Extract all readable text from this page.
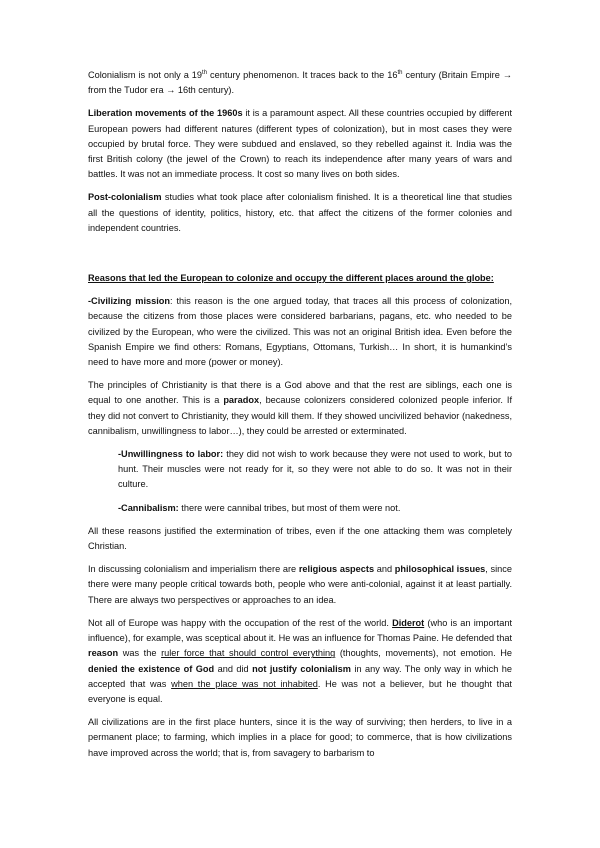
Colonialism is not only a 19th century phenomenon. It traces back to the 16th century (Britain Empire → from the Tudor era → 16th century).

Liberation movements of the 1960s it is a paramount aspect. All these countries occupied by different European powers had different natures (different types of colonization), but in most cases they were occupied by brutal force. They were subdued and enslaved, so they rebelled against it. India was the first British colony (the jewel of the Crown) to reach its independence after many years of wars and battles. It was not an immediate process. It cost so many lives on both sides.

Post-colonialism studies what took place after colonialism finished. It is a theoretical line that studies all the questions of identity, politics, history, etc. that affect the citizens of the former colonies and independent countries.

Reasons that led the European to colonize and occupy the different places around the globe:

-Civilizing mission: this reason is the one argued today, that traces all this process of colonization, because the citizens from those places were considered barbarians, pagans, etc. who needed to be civilized by the European, who were the civilized. This was not an original British idea. Even before the Spanish Empire we find others: Romans, Egyptians, Ottomans, Turkish… In short, it is humankind’s need to have more and more (power or money).

The principles of Christianity is that there is a God above and that the rest are siblings, each one is equal to one another. This is a paradox, because colonizers considered colonized people inferior. If they did not convert to Christianity, they would kill them. If they showed uncivilized behavior (nakedness, cannibalism, unwillingness to labor…), they could be arrested or exterminated.

-Unwillingness to labor: they did not wish to work because they were not used to work, but to hunt. Their muscles were not ready for it, so they were not able to do so. It was not in their culture.

-Cannibalism: there were cannibal tribes, but most of them were not.

All these reasons justified the extermination of tribes, even if the one attacking them was completely Christian.

In discussing colonialism and imperialism there are religious aspects and philosophical issues, since there were many people critical towards both, people who were anti-colonial, against it at least partially. There are always two perspectives or approaches to an idea.

Not all of Europe was happy with the occupation of the rest of the world. Diderot (who is an important influence), for example, was sceptical about it. He was an influence for Thomas Paine. He defended that reason was the ruler force that should control everything (thoughts, movements), not emotion. He denied the existence of God and did not justify colonialism in any way. The only way in which he accepted that was when the place was not inhabited. He was not a believer, but he thought that everyone is equal.

All civilizations are in the first place hunters, since it is the way of surviving; then herders, to live in a permanent place; to farming, which implies in a place for good; to commerce, that is how civilizations have improved across the world; that is, from savagery to barbarism to
